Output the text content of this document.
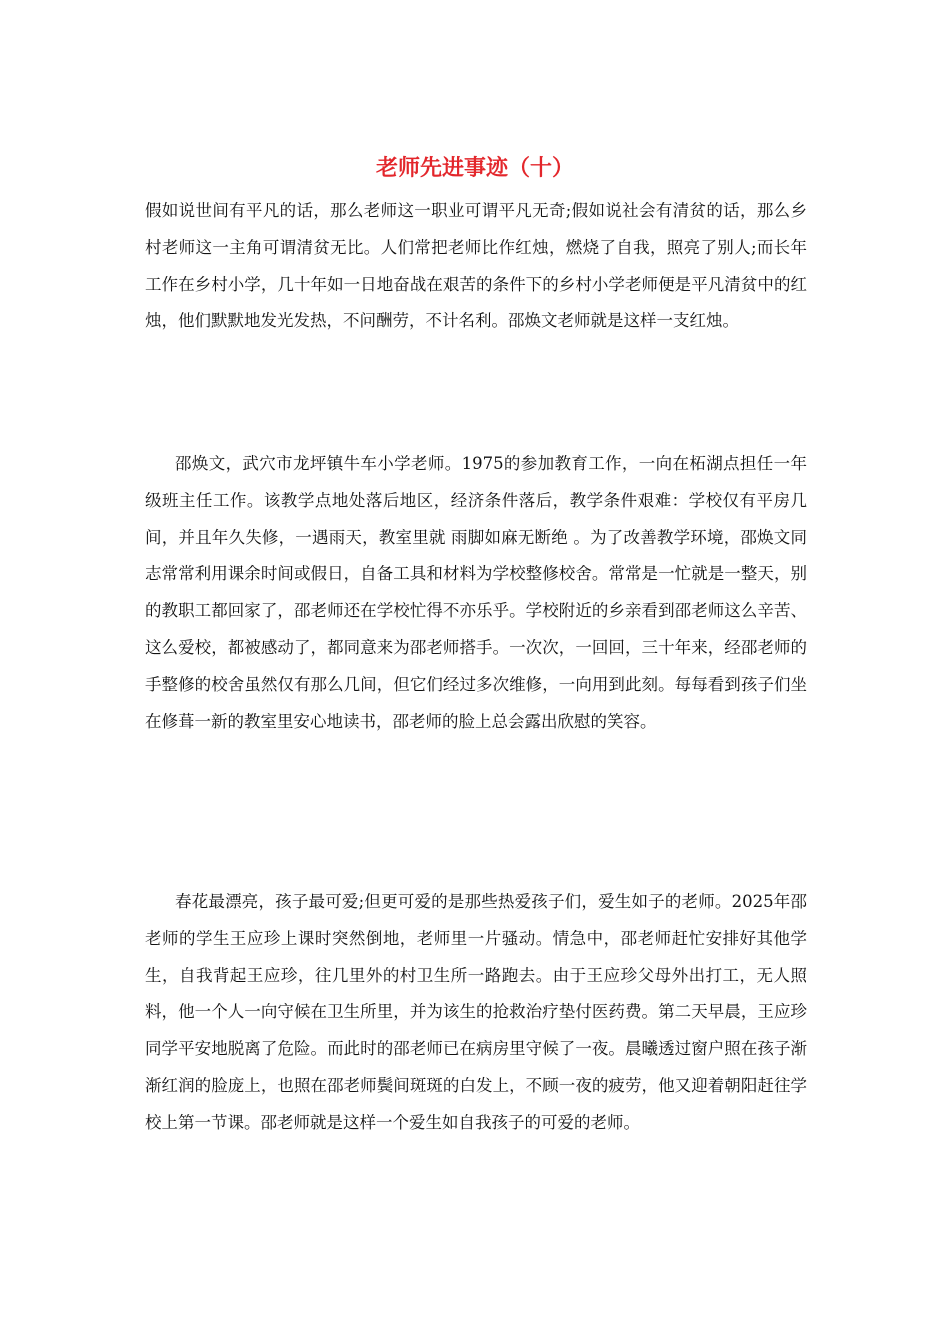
老师先进事迹（十）

假如说世间有平凡的话，那么老师这一职业可谓平凡无奇;假如说社会有清贫的话，那么乡村老师这一主角可谓清贫无比。人们常把老师比作红烛，燃烧了自我，照亮了别人;而长年工作在乡村小学，几十年如一日地奋战在艰苦的条件下的乡村小学老师便是平凡清贫中的红烛，他们默默地发光发热，不问酬劳，不计名利。邵焕文老师就是这样一支红烛。

邵焕文，武穴市龙坪镇牛车小学老师。1975的参加教育工作，一向在柘湖点担任一年级班主任工作。该教学点地处落后地区，经济条件落后，教学条件艰难：学校仅有平房几间，并且年久失修，一遇雨天，教室里就 雨脚如麻无断绝 。为了改善教学环境，邵焕文同志常常利用课余时间或假日，自备工具和材料为学校整修校舍。常常是一忙就是一整天，别的教职工都回家了，邵老师还在学校忙得不亦乐乎。学校附近的乡亲看到邵老师这么辛苦、这么爱校，都被感动了，都同意来为邵老师搭手。一次次，一回回，三十年来，经邵老师的手整修的校舍虽然仅有那么几间，但它们经过多次维修，一向用到此刻。每每看到孩子们坐在修葺一新的教室里安心地读书，邵老师的脸上总会露出欣慰的笑容。

春花最漂亮，孩子最可爱;但更可爱的是那些热爱孩子们，爱生如子的老师。2025年邵老师的学生王应珍上课时突然倒地，老师里一片骚动。情急中，邵老师赶忙安排好其他学生，自我背起王应珍，往几里外的村卫生所一路跑去。由于王应珍父母外出打工，无人照料，他一个人一向守候在卫生所里，并为该生的抢救治疗垫付医药费。第二天早晨，王应珍同学平安地脱离了危险。而此时的邵老师已在病房里守候了一夜。晨曦透过窗户照在孩子渐渐红润的脸庞上，也照在邵老师鬓间斑斑的白发上，不顾一夜的疲劳，他又迎着朝阳赶往学校上第一节课。邵老师就是这样一个爱生如自我孩子的可爱的老师。
